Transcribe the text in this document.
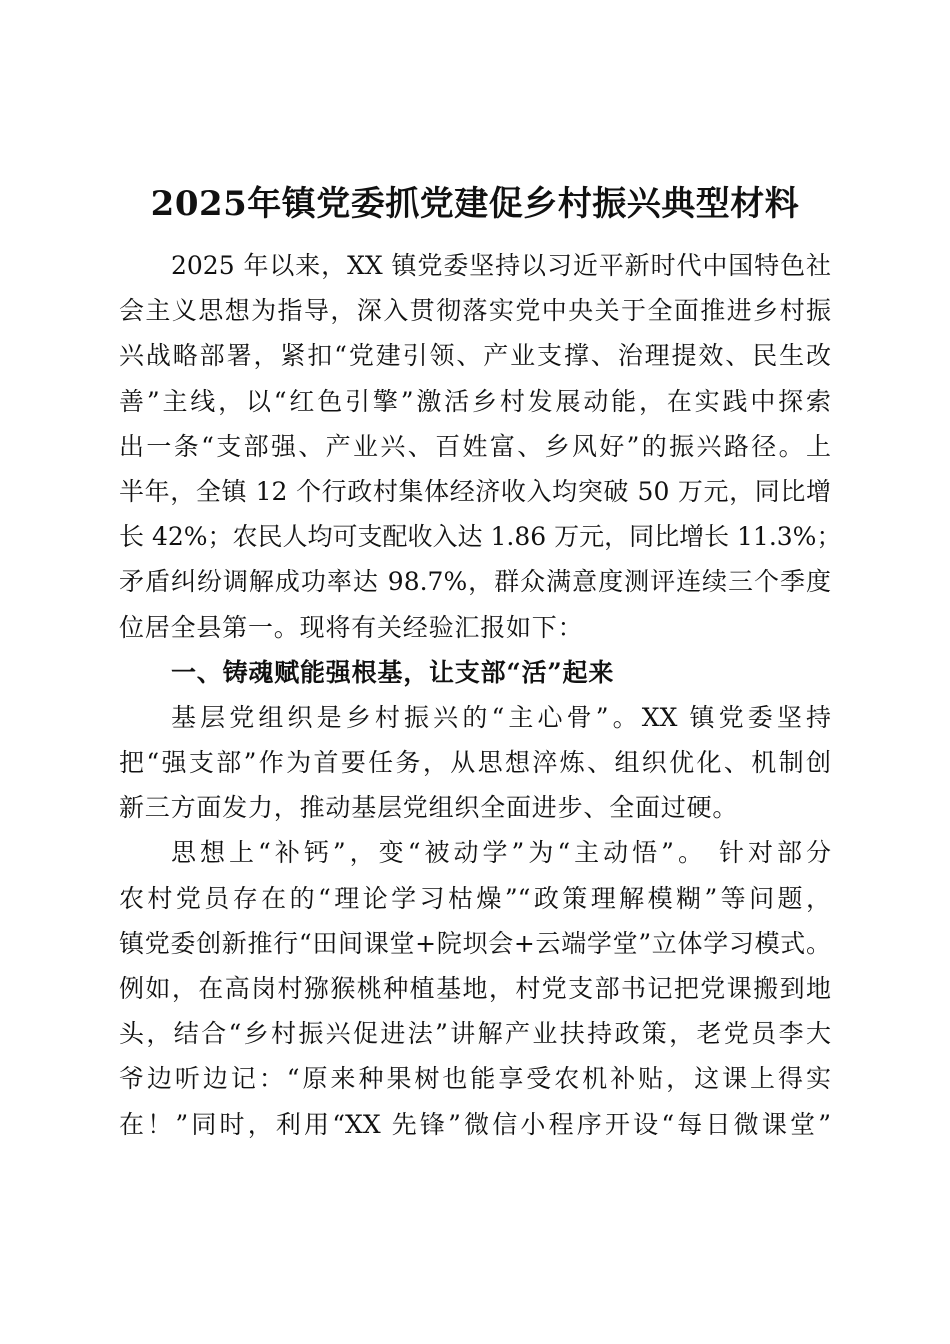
2025年镇党委抓党建促乡村振兴典型材料
2025 年以来，XX 镇党委坚持以习近平新时代中国特色社
会主义思想为指导，深入贯彻落实党中央关于全面推进乡村振
兴战略部署，紧扣“党建引领、产业支撑、治理提效、民生改
善”主线，以“红色引擎”激活乡村发展动能，在实践中探索
出一条“支部强、产业兴、百姓富、乡风好”的振兴路径。上
半年，全镇 12 个行政村集体经济收入均突破 50 万元，同比增
长 42%；农民人均可支配收入达 1.86 万元，同比增长 11.3%；
矛盾纠纷调解成功率达 98.7%，群众满意度测评连续三个季度
位居全县第一。现将有关经验汇报如下：
一、铸魂赋能强根基，让支部“活”起来
基层党组织是乡村振兴的“主心骨”。XX 镇党委坚持
把“强支部”作为首要任务，从思想淬炼、组织优化、机制创
新三方面发力，推动基层党组织全面进步、全面过硬。
思想上“补钙”，变“被动学”为“主动悟”。 针对部分
农村党员存在的“理论学习枯燥”“政策理解模糊”等问题，
镇党委创新推行“田间课堂+院坝会+云端学堂”立体学习模式。
例如，在高岗村猕猴桃种植基地，村党支部书记把党课搬到地
头，结合“乡村振兴促进法”讲解产业扶持政策，老党员李大
爷边听边记：“原来种果树也能享受农机补贴，这课上得实
在！”同时，利用“XX 先锋”微信小程序开设“每日微课堂”
